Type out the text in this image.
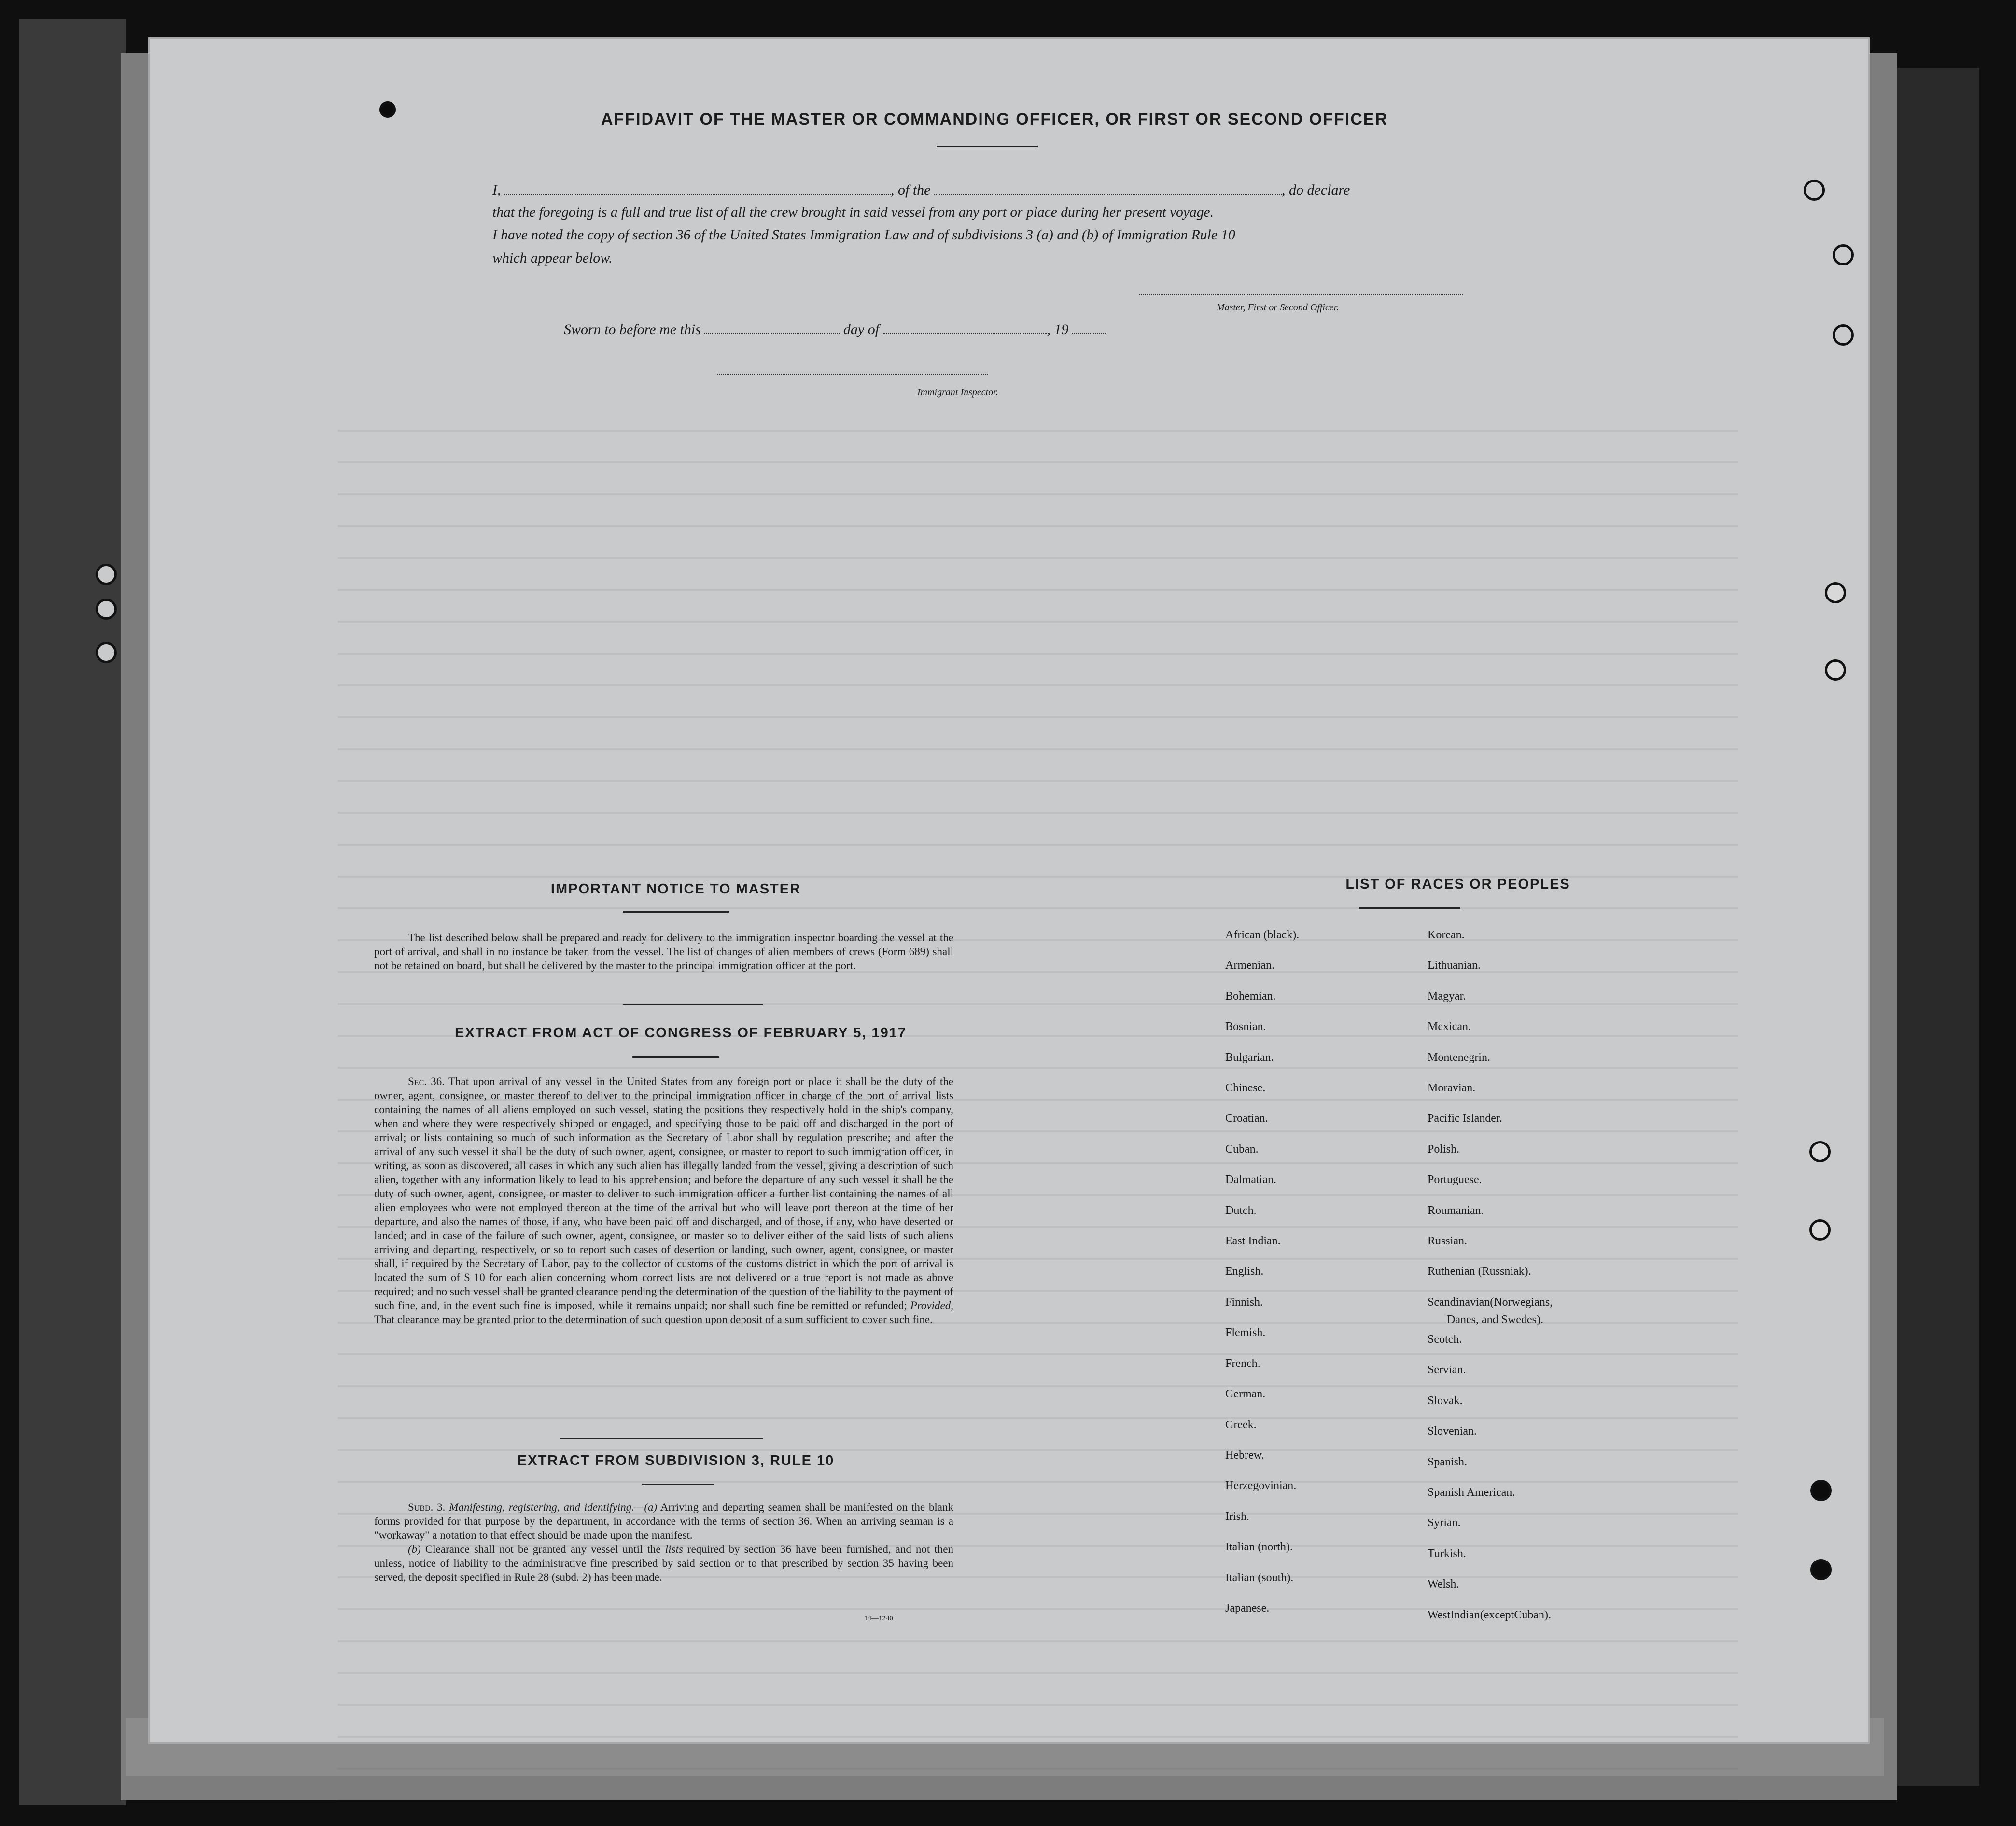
AFFIDAVIT OF THE MASTER OR COMMANDING OFFICER, OR FIRST OR SECOND OFFICER
I,	, of the	, do declare
that the foregoing is a full and true list of all the crew brought in said vessel from any port or place during her present voyage.
I have noted the copy of section 36 of the United States Immigration Law and of subdivisions 3 (a) and (b) of Immigration Rule 10
which appear below.
Master, First or Second Officer.
Sworn to before me this	day of	, 19
Immigrant Inspector.
IMPORTANT NOTICE TO MASTER
The list described below shall be prepared and ready for delivery to the immigration inspector boarding the vessel at the port of arrival, and shall in no instance be taken from the vessel. The list of changes of alien members of crews (Form 689) shall not be retained on board, but shall be delivered by the master to the principal immigration officer at the port.
EXTRACT FROM ACT OF CONGRESS OF FEBRUARY 5, 1917
Sec. 36. That upon arrival of any vessel in the United States from any foreign port or place it shall be the duty of the owner, agent, consignee, or master thereof to deliver to the principal immigration officer in charge of the port of arrival lists containing the names of all aliens employed on such vessel, stating the positions they respectively hold in the ship's company, when and where they were respectively shipped or engaged, and specifying those to be paid off and discharged in the port of arrival; or lists containing so much of such information as the Secretary of Labor shall by regulation prescribe; and after the arrival of any such vessel it shall be the duty of such owner, agent, consignee, or master to report to such immigration officer, in writing, as soon as discovered, all cases in which any such alien has illegally landed from the vessel, giving a description of such alien, together with any information likely to lead to his apprehension; and before the departure of any such vessel it shall be the duty of such owner, agent, consignee, or master to deliver to such immigration officer a further list containing the names of all alien employees who were not employed thereon at the time of the arrival but who will leave port thereon at the time of her departure, and also the names of those, if any, who have been paid off and discharged, and of those, if any, who have deserted or landed; and in case of the failure of such owner, agent, consignee, or master so to deliver either of the said lists of such aliens arriving and departing, respectively, or so to report such cases of desertion or landing, such owner, agent, consignee, or master shall, if required by the Secretary of Labor, pay to the collector of customs of the customs district in which the port of arrival is located the sum of $ 10 for each alien concerning whom correct lists are not delivered or a true report is not made as above required; and no such vessel shall be granted clearance pending the determination of the question of the liability to the payment of such fine, and, in the event such fine is imposed, while it remains unpaid; nor shall such fine be remitted or refunded; Provided, That clearance may be granted prior to the determination of such question upon deposit of a sum sufficient to cover such fine.
EXTRACT FROM SUBDIVISION 3, RULE 10
Subd. 3. Manifesting, registering, and identifying.—(a) Arriving and departing seamen shall be manifested on the blank forms provided for that purpose by the department, in accordance with the terms of section 36. When an arriving seaman is a "workaway" a notation to that effect should be made upon the manifest.
(b) Clearance shall not be granted any vessel until the lists required by section 36 have been furnished, and not then unless, notice of liability to the administrative fine prescribed by said section or to that prescribed by section 35 having been served, the deposit specified in Rule 28 (subd. 2) has been made.
14—1240
LIST OF RACES OR PEOPLES
African (black).
Armenian.
Bohemian.
Bosnian.
Bulgarian.
Chinese.
Croatian.
Cuban.
Dalmatian.
Dutch.
East Indian.
English.
Finnish.
Flemish.
French.
German.
Greek.
Hebrew.
Herzegovinian.
Irish.
Italian (north).
Italian (south).
Japanese.
Korean.
Lithuanian.
Magyar.
Mexican.
Montenegrin.
Moravian.
Pacific Islander.
Polish.
Portuguese.
Roumanian.
Russian.
Ruthenian (Russniak).
Scandinavian(Norwegians,
Danes, and Swedes).
Scotch.
Servian.
Slovak.
Slovenian.
Spanish.
Spanish American.
Syrian.
Turkish.
Welsh.
WestIndian(exceptCuban).
